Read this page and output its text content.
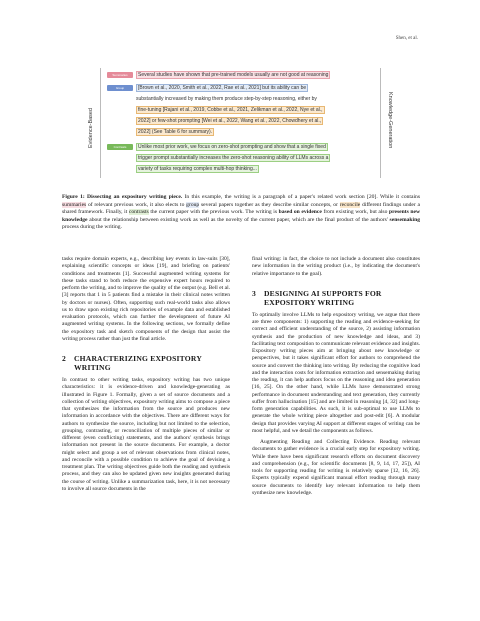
Shen, et al.
Evidence-Based	Knowledge-Generation
Summaries	Several studies have shown that pre-trained models usually are not good at reasoning
Group	[Brown et al., 2020, Smith et al., 2022, Rae et al., 2021] but its ability can be
substantially increased by making them produce step-by-step reasoning, either by
fine-tuning [Rajani et al., 2019, Cobbe et al., 2021, Zelikman et al., 2022, Nye et al.,
2022] or few-shot prompting [Wei et al., 2022, Wang et al., 2022, Chowdhery et al.,
2022] (See Table 6 for summary).
Contrasts	Unlike most prior work, we focus on zero-shot prompting and show that a single fixed
trigger prompt substantially increases the zero-shot reasoning ability of LLMs across a
variety of tasks requiring complex multi-hop thinking...
Figure 1: Dissecting an expository writing piece. In this example, the writing is a paragraph of a paper's related work section [20]. While it contains summaries of relevant previous work, it also elects to group several papers together as they describe similar concepts, or reconcile different findings under a shared framework. Finally, it contrasts the current paper with the previous work. The writing is based on evidence from existing work, but also presents new knowledge about the relationship between existing work as well as the novelty of the current paper, which are the final product of the authors' sensemaking process during the writing.

tasks require domain experts, e.g., describing key events in law-suits [30], explaining scientific concepts or ideas [19], and briefing on patients' conditions and treatments [1]. Successful augmented writing systems for these tasks stand to both reduce the expensive expert hours required to perform the writing, and to improve the quality of the output (e.g. Bell et al. [3] reports that 1 in 5 patients find a mistake in their clinical notes written by doctors or nurses). Often, supporting such real-world tasks also allows us to draw upon existing rich repositories of example data and established evaluation protocols, which can further the development of future AI augmented writing systems. In the following sections, we formally define the expository task and sketch components of the design that assist the writing process rather than just the final article.

2 CHARACTERIZING EXPOSITORY
WRITING

In contrast to other writing tasks, expository writing has two unique characteristics: it is evidence-driven and knowledge-generating as illustrated in Figure 1. Formally, given a set of source documents and a collection of writing objectives, expository writing aims to compose a piece that synthesizes the information from the source and produces new information in accordance with the objectives. There are different ways for authors to synthesize the source, including but not limited to the selection, grouping, contrasting, or reconciliation of multiple pieces of similar or different (even conflicting) statements, and the authors' synthesis brings information not present in the source documents. For example, a doctor might select and group a set of relevant observations from clinical notes, and reconcile with a possible condition to achieve the goal of devising a treatment plan. The writing objectives guide both the reading and synthesis process, and they can also be updated given new insights generated during the course of writing. Unlike a summarization task, here, it is not necessary to involve all source documents in the

final writing: in fact, the choice to not include a document also constitutes new information in the writing product (i.e., by indicating the document's relative importance to the goal).

3 DESIGNING AI SUPPORTS FOR
EXPOSITORY WRITING

To optimally involve LLMs to help expository writing, we argue that there are three components: 1) supporting the reading and evidence-seeking for correct and efficient understanding of the source, 2) assisting information synthesis and the production of new knowledge and ideas, and 3) facilitating text composition to communicate relevant evidence and insights. Expository writing pieces aim at bringing about new knowledge or perspectives, but it takes significant effort for authors to comprehend the source and convert the thinking into writing. By reducing the cognitive load and the interaction costs for information extraction and sensemaking during the reading, it can help authors focus on the reasoning and idea generation [16, 25]. On the other hand, while LLMs have demonstrated strong performance in document understanding and text generation, they currently suffer from hallucination [15] and are limited in reasoning [4, 32] and long-form generation capabilities. As such, it is sub-optimal to use LLMs to generate the whole writing piece altogether and post-edit [6]. A modular design that provides varying AI support at different stages of writing can be most helpful, and we detail the components as follows.

Augmenting Reading and Collecting Evidence. Reading relevant documents to gather evidence is a crucial early step for expository writing. While there have been significant research efforts on document discovery and comprehension (e.g., for scientific documents [8, 9, 14, 17, 25]), AI tools for supporting reading for writing is relatively sparse [12, 16, 26]. Experts typically expend significant manual effort reading through many source documents to identify key relevant information to help them synthesize new knowledge.
